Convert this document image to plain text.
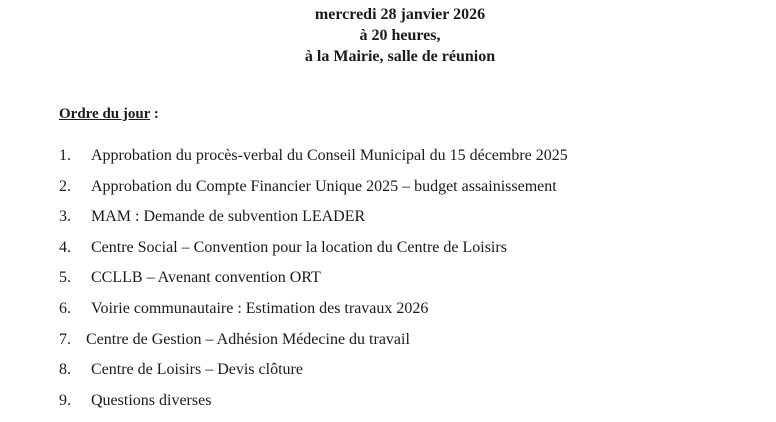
mercredi 28 janvier 2026
à 20 heures,
à la Mairie, salle de réunion
Ordre du jour :
1. Approbation du procès-verbal du Conseil Municipal du 15 décembre 2025
2. Approbation du Compte Financier Unique 2025 – budget assainissement
3. MAM : Demande de subvention LEADER
4. Centre Social – Convention pour la location du Centre de Loisirs
5. CCLLB – Avenant convention ORT
6. Voirie communautaire : Estimation des travaux 2026
7. Centre de Gestion – Adhésion Médecine du travail
8. Centre de Loisirs – Devis clôture
9. Questions diverses
